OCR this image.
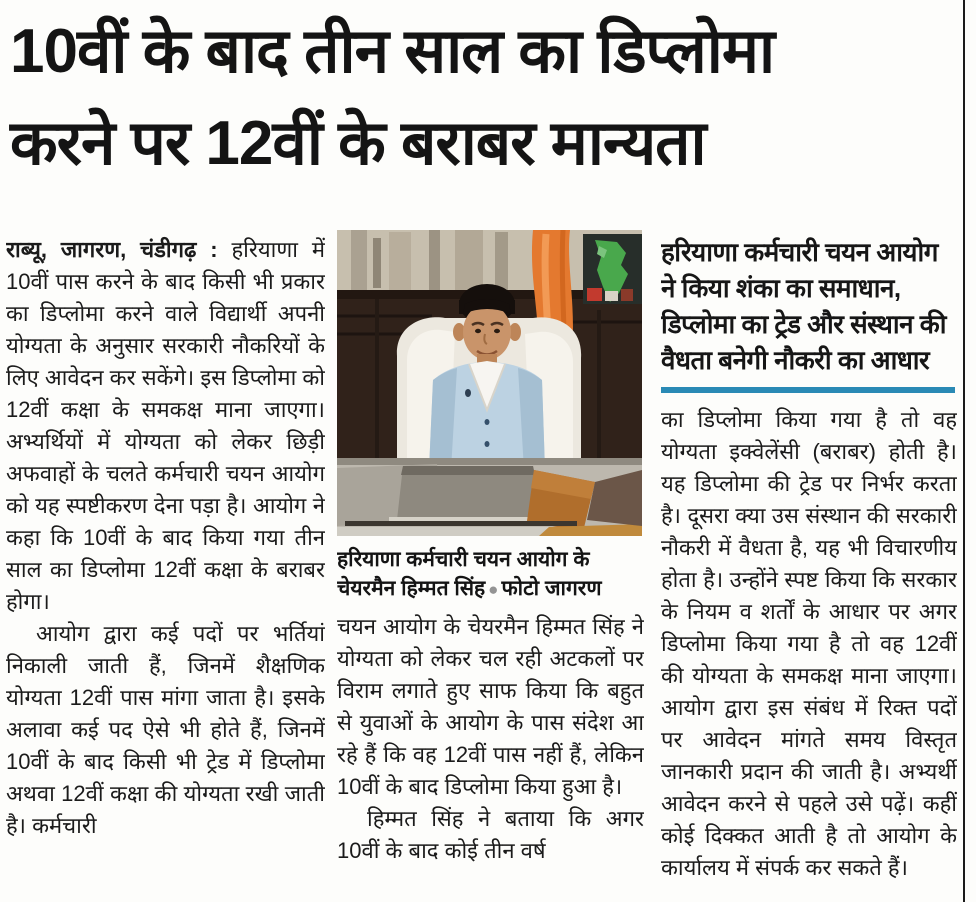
10वीं के बाद तीन साल का डिप्लोमा
करने पर 12वीं के बराबर मान्यता

राब्यू, जागरण, चंडीगढ़ : हरियाणा में 10वीं पास करने के बाद किसी भी प्रकार का डिप्लोमा करने वाले विद्यार्थी अपनी योग्यता के अनुसार सरकारी नौकरियों के लिए आवेदन कर सकेंगे। इस डिप्लोमा को 12वीं कक्षा के समकक्ष माना जाएगा। अभ्यर्थियों में योग्यता को लेकर छिड़ी अफवाहों के चलते कर्मचारी चयन आयोग को यह स्पष्टीकरण देना पड़ा है। आयोग ने कहा कि 10वीं के बाद किया गया तीन साल का डिप्लोमा 12वीं कक्षा के बराबर होगा।

आयोग द्वारा कई पदों पर भर्तियां निकाली जाती हैं, जिनमें शैक्षणिक योग्यता 12वीं पास मांगा जाता है। इसके अलावा कई पद ऐसे भी होते हैं, जिनमें 10वीं के बाद किसी भी ट्रेड में डिप्लोमा अथवा 12वीं कक्षा की योग्यता रखी जाती है। कर्मचारी

हरियाणा कर्मचारी चयन आयोग के चेयरमैन हिम्मत सिंह ● फोटो जागरण

चयन आयोग के चेयरमैन हिम्मत सिंह ने योग्यता को लेकर चल रही अटकलों पर विराम लगाते हुए साफ किया कि बहुत से युवाओं के आयोग के पास संदेश आ रहे हैं कि वह 12वीं पास नहीं हैं, लेकिन 10वीं के बाद डिप्लोमा किया हुआ है।

हिम्मत सिंह ने बताया कि अगर 10वीं के बाद कोई तीन वर्ष

हरियाणा कर्मचारी चयन आयोग ने किया शंका का समाधान, डिप्लोमा का ट्रेड और संस्थान की वैधता बनेगी नौकरी का आधार

का डिप्लोमा किया गया है तो वह योग्यता इक्वेलेंसी (बराबर) होती है। यह डिप्लोमा की ट्रेड पर निर्भर करता है। दूसरा क्या उस संस्थान की सरकारी नौकरी में वैधता है, यह भी विचारणीय होता है। उन्होंने स्पष्ट किया कि सरकार के नियम व शर्तों के आधार पर अगर डिप्लोमा किया गया है तो वह 12वीं की योग्यता के समकक्ष माना जाएगा। आयोग द्वारा इस संबंध में रिक्त पदों पर आवेदन मांगते समय विस्तृत जानकारी प्रदान की जाती है। अभ्यर्थी आवेदन करने से पहले उसे पढ़ें। कहीं कोई दिक्कत आती है तो आयोग के कार्यालय में संपर्क कर सकते हैं।
